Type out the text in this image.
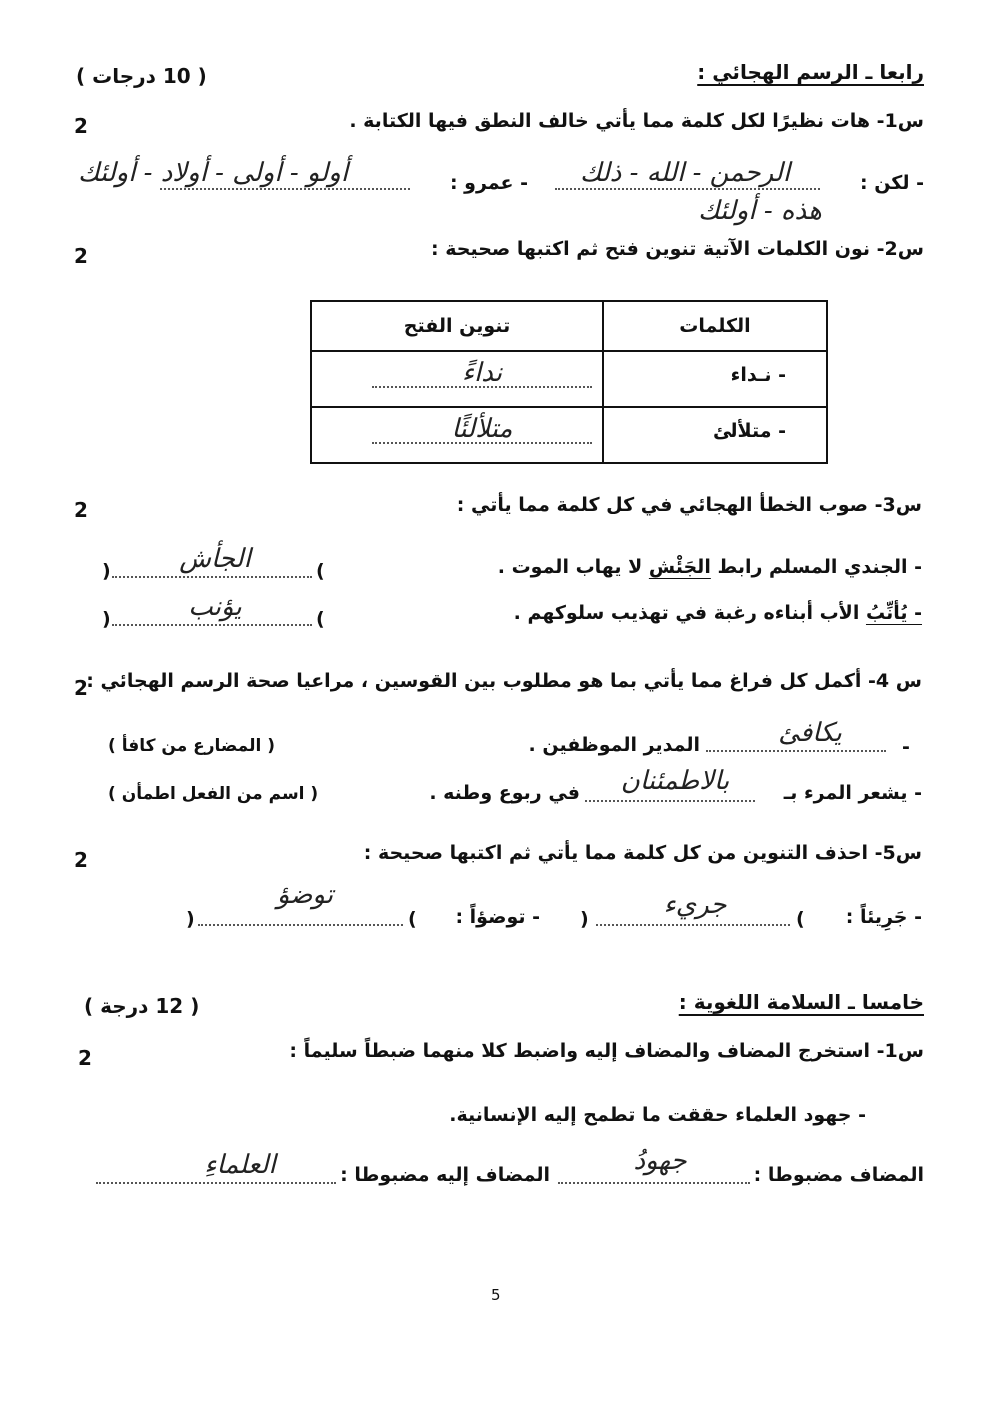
رابعا ـ الرسم الهجائي :
( 10 درجات )
س1- هات نظيرًا لكل كلمة مما يأتي خالف النطق فيها الكتابة .
2
- لكن :
الرحمن - الله - ذلك
- عمرو :
أولو - أولى - أولاد - أولئك
هذه - أولئك
س2- نون الكلمات الآتية تنوين فتح ثم اكتبها صحيحة :
2
الكلمات	تنوين الفتح

- نـداء	نداءً

- متلألئ	متلألئًا
س3- صوب الخطأ الهجائي في كل كلمة مما يأتي :
2
- الجندي المسلم رابط الجَئْش لا يهاب الموت .
(
الجأش
)
- يُأنِّبُ الأب أبناءه رغبة في تهذيب سلوكهم .
(
يؤنب
)
س 4- أكمل كل فراغ مما يأتي بما هو مطلوب بين القوسين ، مراعيا صحة الرسم الهجائي :
2
-
يكافئ
المدير الموظفين .
( المضارع من كافأ )
- يشعر المرء بـ
بالاطمئنان
في ربوع وطنه .
( اسم من الفعل اطمأن )
س5- احذف التنوين من كل كلمة مما يأتي ثم اكتبها صحيحة :
2
- جَرِيئاً :
(
جريء
)
- توضؤاً :
(
توضؤ
)
خامسا ـ السلامة اللغوية :
( 12 درجة )
س1- استخرج المضاف والمضاف إليه واضبط كلا منهما ضبطاً سليماً :
2
- جهود العلماء حققت ما تطمح إليه الإنسانية.
المضاف مضبوطا :
جهودُ
المضاف إليه مضبوطا :
العلماءِ
5
